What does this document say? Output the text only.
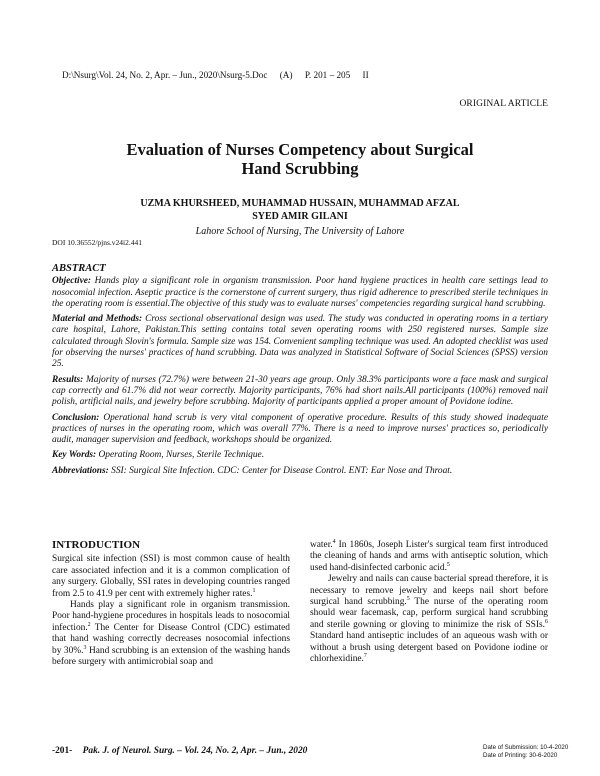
D:\Nsurg\Vol. 24, No. 2, Apr. – Jun., 2020\Nsurg-5.Doc (A) P. 201 – 205 II
ORIGINAL ARTICLE
Evaluation of Nurses Competency about Surgical
Hand Scrubbing
UZMA KHURSHEED, MUHAMMAD HUSSAIN, MUHAMMAD AFZAL
SYED AMIR GILANI
Lahore School of Nursing, The University of Lahore
DOI 10.36552/pjns.v24i2.441
ABSTRACT

Objective: Hands play a significant role in organism transmission. Poor hand hygiene practices in health care settings lead to nosocomial infection. Aseptic practice is the cornerstone of current surgery, thus rigid adherence to prescribed sterile techniques in the operating room is essential.The objective of this study was to evaluate nurses' competencies regarding surgical hand scrubbing.

Material and Methods: Cross sectional observational design was used. The study was conducted in operating rooms in a tertiary care hospital, Lahore, Pakistan.This setting contains total seven operating rooms with 250 registered nurses. Sample size calculated through Slovin's formula. Sample size was 154. Convenient sampling technique was used. An adopted checklist was used for observing the nurses' practices of hand scrubbing. Data was analyzed in Statistical Software of Social Sciences (SPSS) version 25.

Results: Majority of nurses (72.7%) were between 21-30 years age group. Only 38.3% participants wore a face mask and surgical cap correctly and 61.7% did not wear correctly. Majority participants, 76% had short nails.All participants (100%) removed nail polish, artificial nails, and jewelry before scrubbing. Majority of participants applied a proper amount of Povidone iodine.

Conclusion: Operational hand scrub is very vital component of operative procedure. Results of this study showed inadequate practices of nurses in the operating room, which was overall 77%. There is a need to improve nurses' practices so, periodically audit, manager supervision and feedback, workshops should be organized.

Key Words: Operating Room, Nurses, Sterile Technique.

Abbreviations: SSI: Surgical Site Infection. CDC: Center for Disease Control. ENT: Ear Nose and Throat.

INTRODUCTION

Surgical site infection (SSI) is most common cause of health care associated infection and it is a common complication of any surgery. Globally, SSI rates in developing countries ranged from 2.5 to 41.9 per cent with extremely higher rates.$^1$

Hands play a significant role in organism transmission. Poor hand-hygiene procedures in hospitals leads to nosocomial infection.$^2$ The Center for Disease Control (CDC) estimated that hand washing correctly decreases nosocomial infections by 30%.$^3$ Hand scrubbing is an extension of the washing hands before surgery with antimicrobial soap and

water.$^4$ In 1860s, Joseph Lister's surgical team first introduced the cleaning of hands and arms with antiseptic solution, which used hand-disinfected carbonic acid.$^5$

Jewelry and nails can cause bacterial spread therefore, it is necessary to remove jewelry and keeps nail short before surgical hand scrubbing.$^5$ The nurse of the operating room should wear facemask, cap, perform surgical hand scrubbing and sterile gowning or gloving to minimize the risk of SSIs.$^6$ Standard hand antiseptic includes of an aqueous wash with or without a brush using detergent based on Povidone iodine or chlorhexidine.$^7$

-201- Pak. J. of Neurol. Surg. – Vol. 24, No. 2, Apr. – Jun., 2020	Date of Submission: 10-4-2020
Date of Printing: 30-6-2020
